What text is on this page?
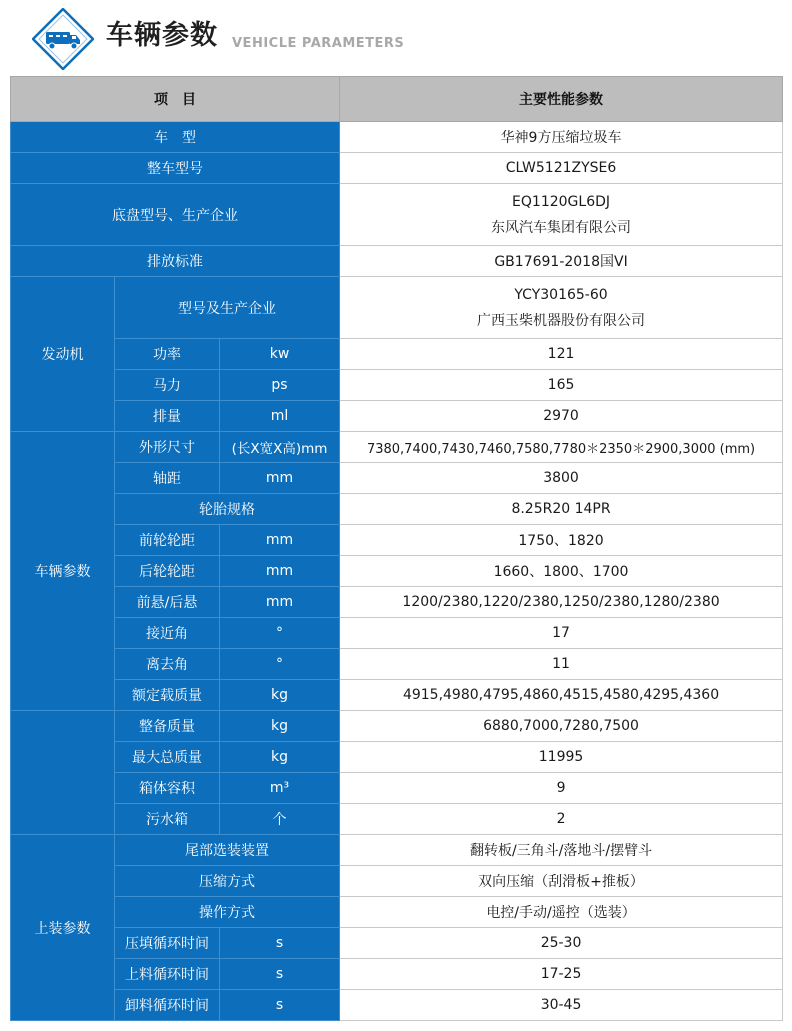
车辆参数 VEHICLE PARAMETERS
项　目			主要性能参数
车　型			华神9方压缩垃圾车
整车型号			CLW5121ZYSE6
底盘型号、生产企业			EQ1120GL6DJ
东风汽车集团有限公司

排放标准			GB17691-2018国VI
发动机	型号及生产企业		YCY30165-60
广西玉柴机器股份有限公司

	功率	kw	121
	马力	ps	165
	排量	ml	2970
车辆参数	外形尺寸	(长X宽X高)mm	7380,7400,7430,7460,7580,7780＊2350＊2900,3000 (mm)
	轴距	mm	3800
	轮胎规格		8.25R20 14PR
	前轮轮距	mm	1750、1820
	后轮轮距	mm	1660、1800、1700
	前悬/后悬	mm	1200/2380,1220/2380,1250/2380,1280/2380
	接近角	°	17
	离去角	°	11
	额定载质量	kg	4915,4980,4795,4860,4515,4580,4295,4360
	整备质量	kg	6880,7000,7280,7500
	最大总质量	kg	11995
	箱体容积	m³	9
	污水箱	个	2
上装参数	尾部选装装置		翻转板/三角斗/落地斗/摆臂斗
	压缩方式		双向压缩（刮滑板+推板）
	操作方式		电控/手动/遥控（选装）
	压填循环时间	s	25-30
	上料循环时间	s	17-25
	卸料循环时间	s	30-45
